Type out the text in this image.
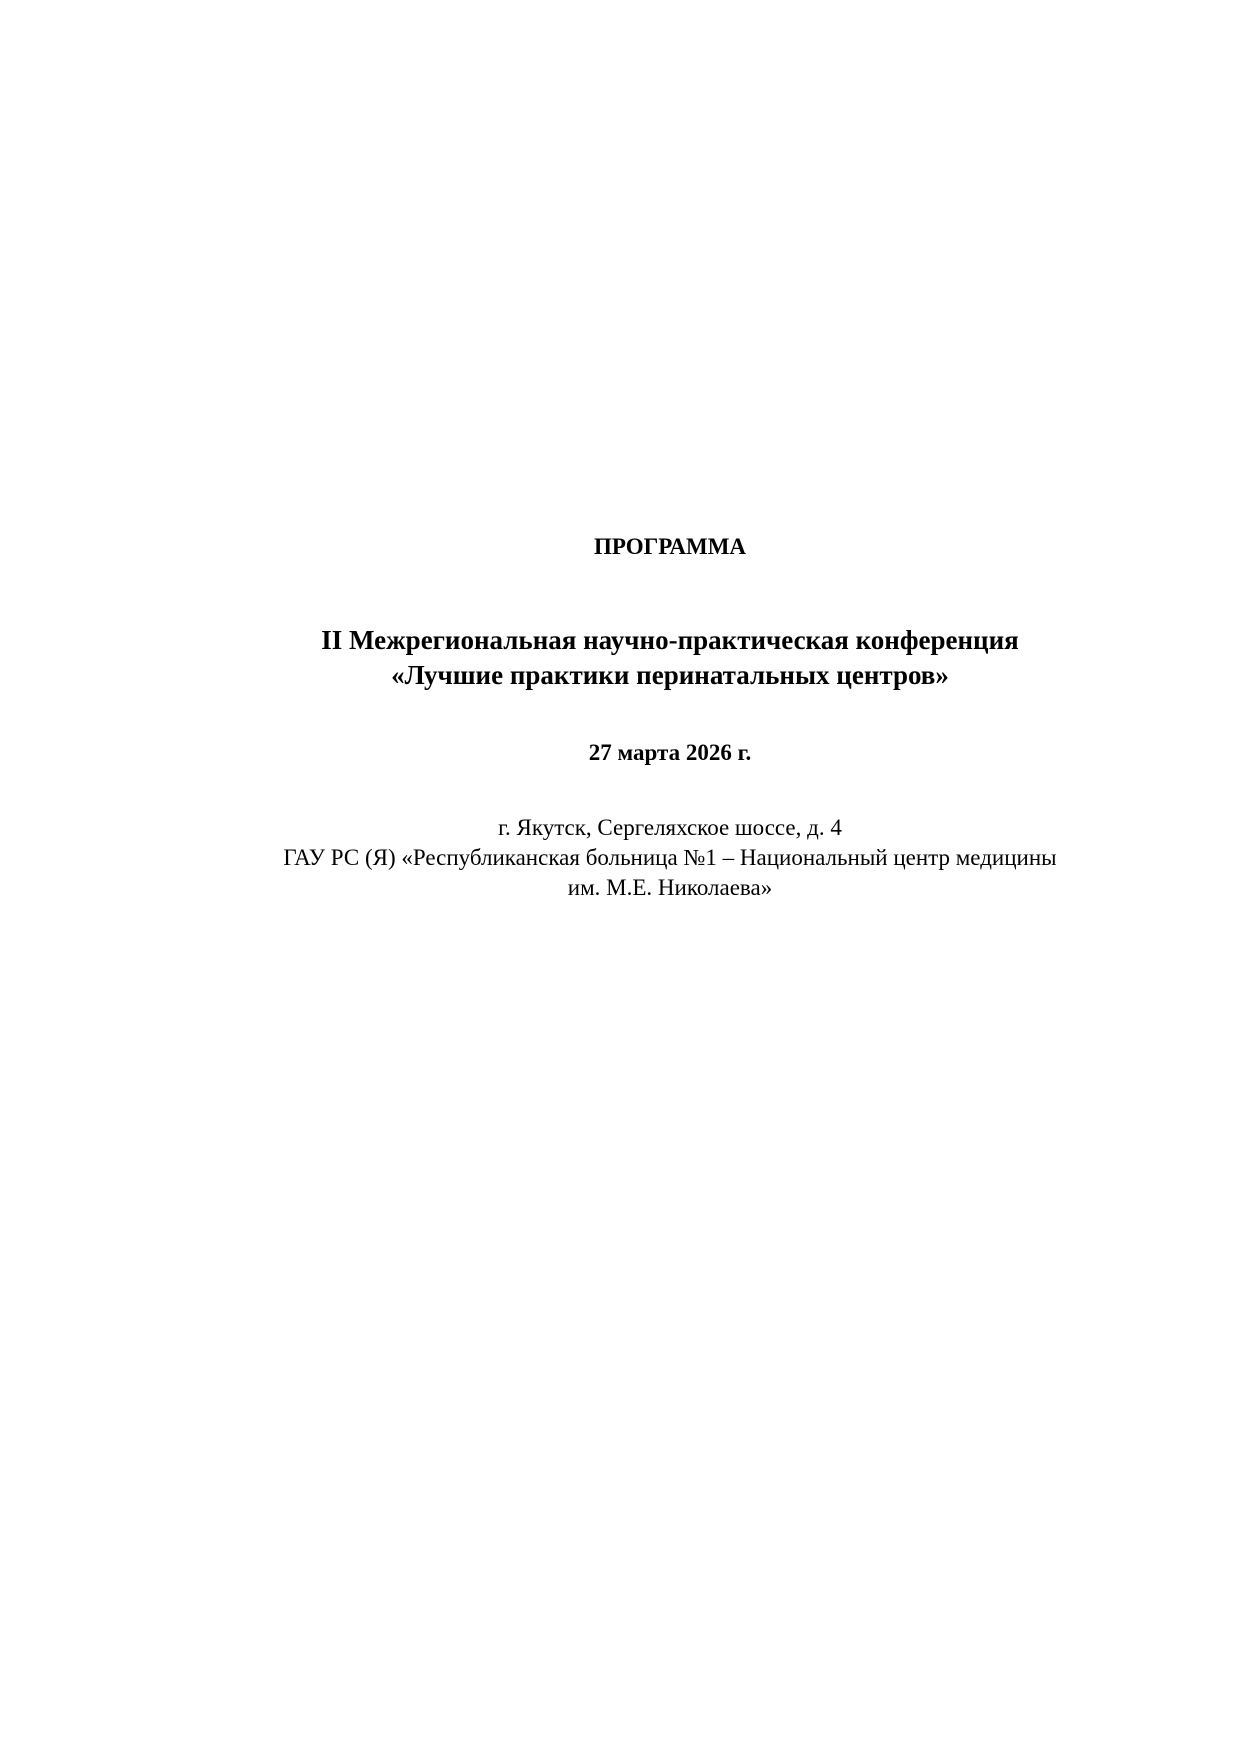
ПРОГРАММА
II Межрегиональная научно-практическая конференция
«Лучшие практики перинатальных центров»
27 марта 2026 г.
г. Якутск, Сергеляхское шоссе, д. 4
ГАУ РС (Я) «Республиканская больница №1 – Национальный центр медицины
им. М.Е. Николаева»
